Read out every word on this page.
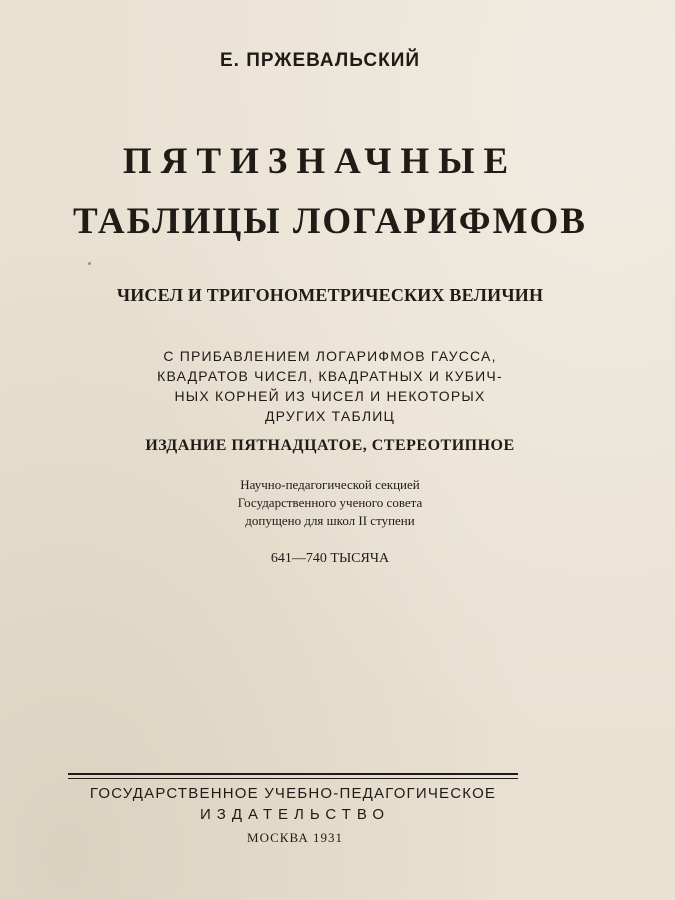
Е. ПРЖЕВАЛЬСКИЙ
ПЯТИЗНАЧНЫЕ
ТАБЛИЦЫ ЛОГАРИФМОВ
ЧИСЕЛ И ТРИГОНОМЕТРИЧЕСКИХ ВЕЛИЧИН
С ПРИБАВЛЕНИЕМ ЛОГАРИФМОВ ГАУССА,
КВАДРАТОВ ЧИСЕЛ, КВАДРАТНЫХ И КУБИЧ-
НЫХ КОРНЕЙ ИЗ ЧИСЕЛ И НЕКОТОРЫХ
ДРУГИХ ТАБЛИЦ
ИЗДАНИЕ ПЯТНАДЦАТОЕ, СТЕРЕОТИПНОЕ
Научно-педагогической секцией
Государственного ученого совета
допущено для школ II ступени
641—740 ТЫСЯЧА
ГОСУДАРСТВЕННОЕ УЧЕБНО-ПЕДАГОГИЧЕСКОЕ
ИЗДАТЕЛЬСТВО
МОСКВА 1931
